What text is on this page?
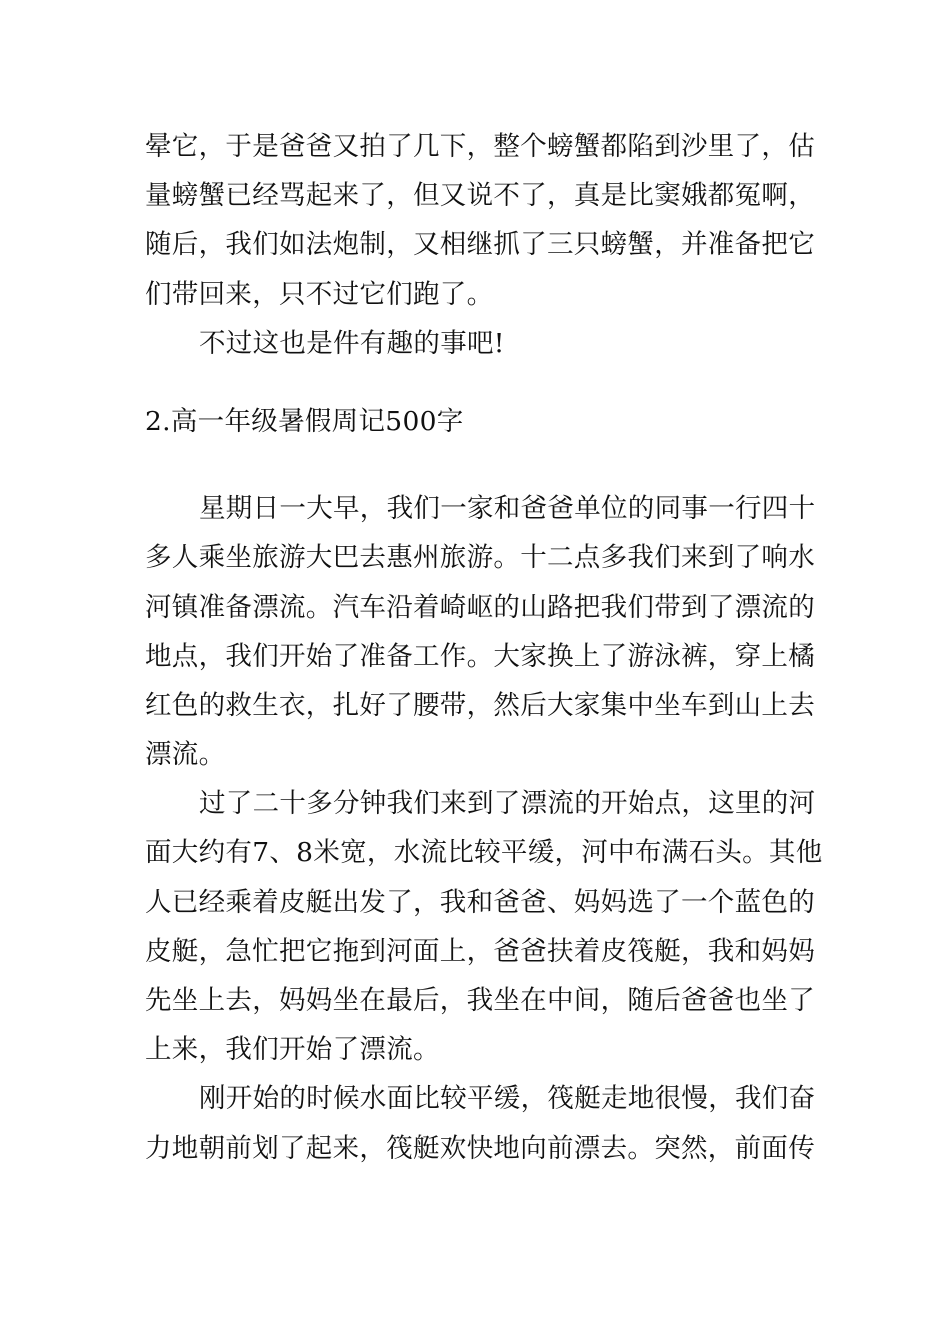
晕它，于是爸爸又拍了几下，整个螃蟹都陷到沙里了，估
量螃蟹已经骂起来了，但又说不了，真是比窦娥都冤啊，
随后，我们如法炮制，又相继抓了三只螃蟹，并准备把它
们带回来，只不过它们跑了。
不过这也是件有趣的事吧!
2.高一年级暑假周记500字
星期日一大早，我们一家和爸爸单位的同事一行四十
多人乘坐旅游大巴去惠州旅游。十二点多我们来到了响水
河镇准备漂流。汽车沿着崎岖的山路把我们带到了漂流的
地点，我们开始了准备工作。大家换上了游泳裤，穿上橘
红色的救生衣，扎好了腰带，然后大家集中坐车到山上去
漂流。
过了二十多分钟我们来到了漂流的开始点，这里的河
面大约有7、8米宽，水流比较平缓，河中布满石头。其他
人已经乘着皮艇出发了，我和爸爸、妈妈选了一个蓝色的
皮艇，急忙把它拖到河面上，爸爸扶着皮筏艇，我和妈妈
先坐上去，妈妈坐在最后，我坐在中间，随后爸爸也坐了
上来，我们开始了漂流。
刚开始的时候水面比较平缓，筏艇走地很慢，我们奋
力地朝前划了起来，筏艇欢快地向前漂去。突然，前面传
